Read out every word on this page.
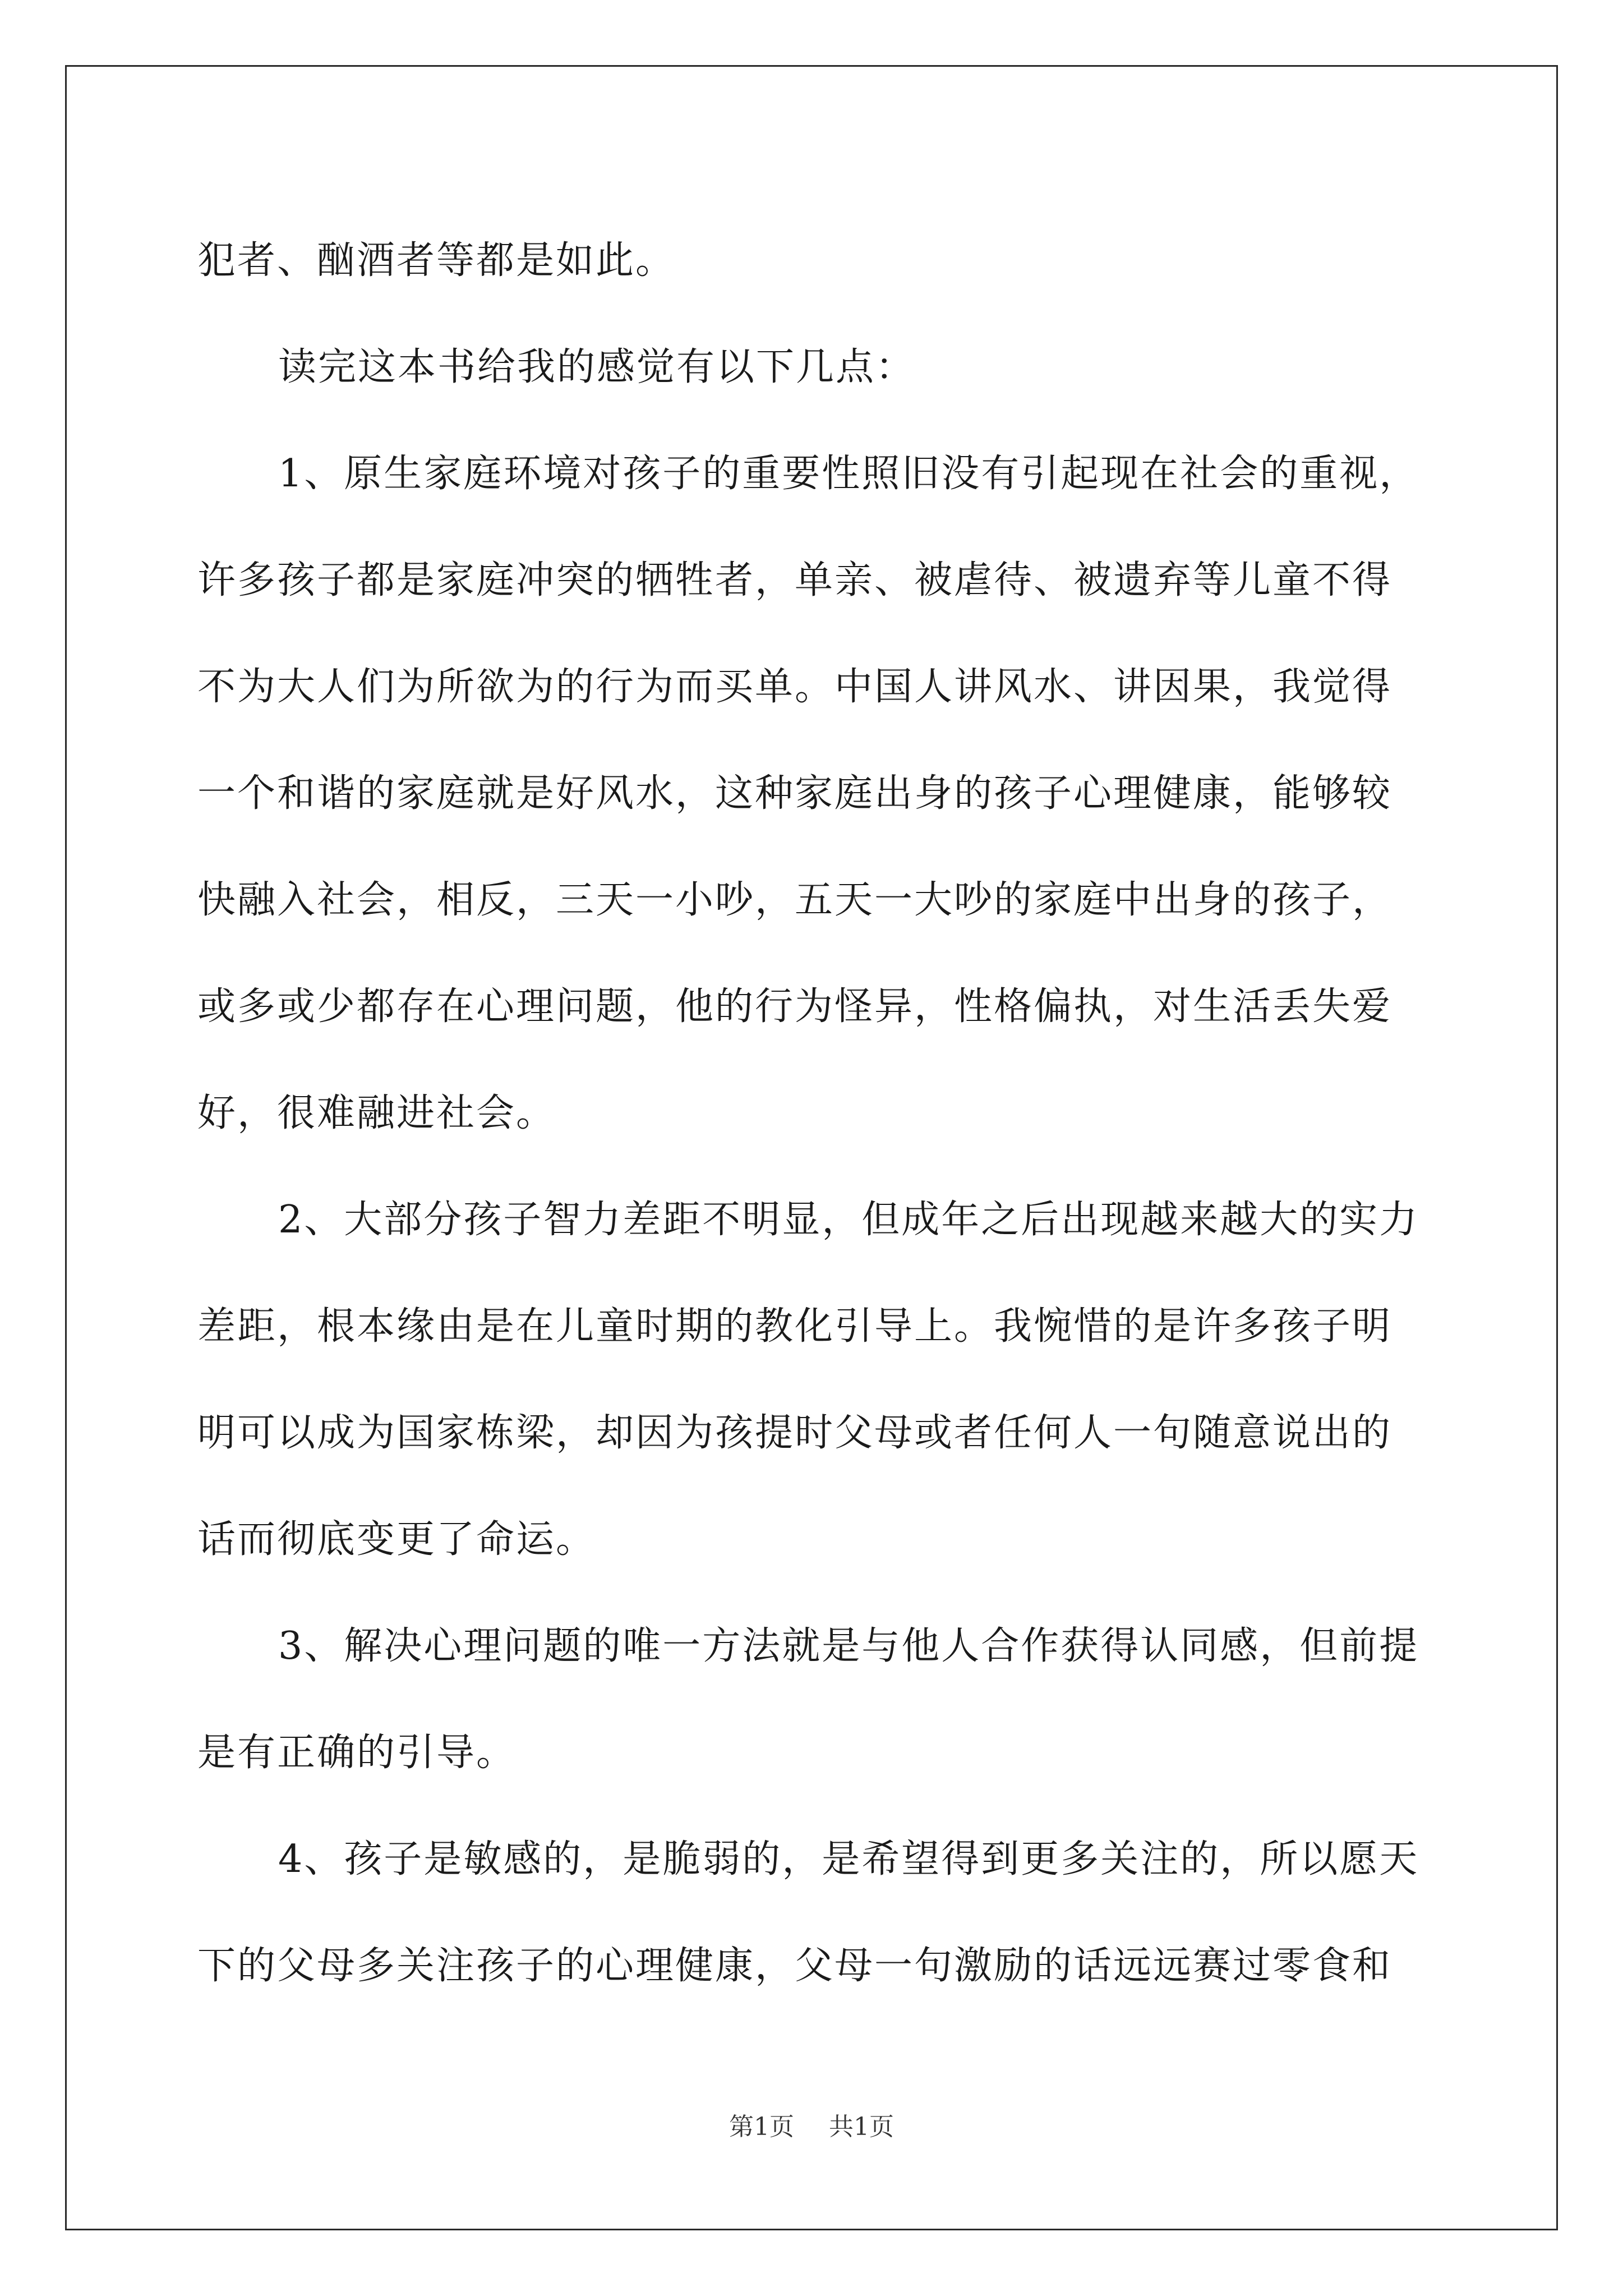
犯者、酗酒者等都是如此。
读完这本书给我的感觉有以下几点：
1、原生家庭环境对孩子的重要性照旧没有引起现在社会的重视，
许多孩子都是家庭冲突的牺牲者，单亲、被虐待、被遗弃等儿童不得
不为大人们为所欲为的行为而买单。中国人讲风水、讲因果，我觉得
一个和谐的家庭就是好风水，这种家庭出身的孩子心理健康，能够较
快融入社会，相反，三天一小吵，五天一大吵的家庭中出身的孩子，
或多或少都存在心理问题，他的行为怪异，性格偏执，对生活丢失爱
好，很难融进社会。
2、大部分孩子智力差距不明显，但成年之后出现越来越大的实力
差距，根本缘由是在儿童时期的教化引导上。我惋惜的是许多孩子明
明可以成为国家栋梁，却因为孩提时父母或者任何人一句随意说出的
话而彻底变更了命运。
3、解决心理问题的唯一方法就是与他人合作获得认同感，但前提
是有正确的引导。
4、孩子是敏感的，是脆弱的，是希望得到更多关注的，所以愿天
下的父母多关注孩子的心理健康，父母一句激励的话远远赛过零食和
第1页 共1页
